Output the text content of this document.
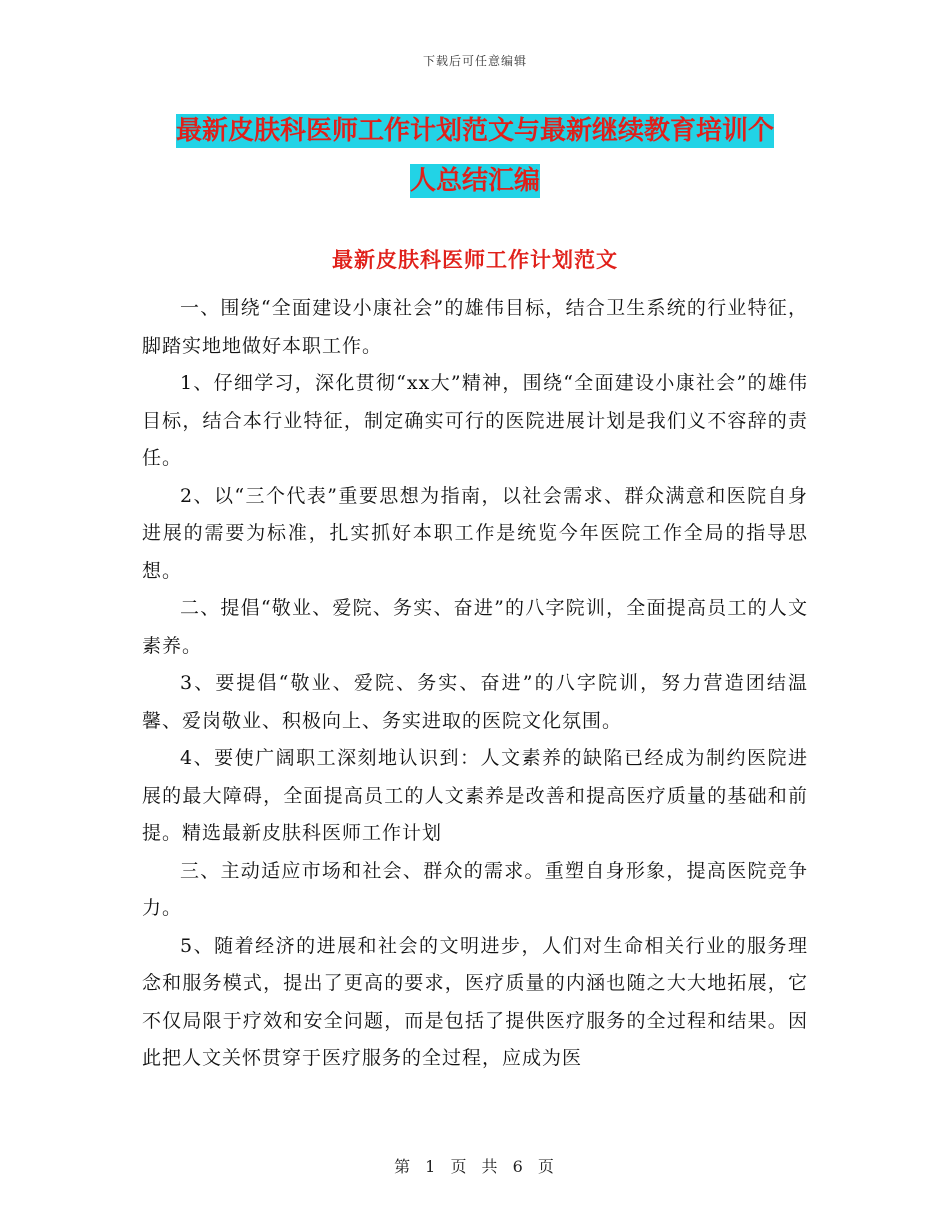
下载后可任意编辑
最新皮肤科医师工作计划范文与最新继续教育培训个
人总结汇编
最新皮肤科医师工作计划范文

一、围绕“全面建设小康社会”的雄伟目标，结合卫生系统的行业特征，脚踏实地地做好本职工作。

1、仔细学习，深化贯彻“xx大”精神，围绕“全面建设小康社会”的雄伟目标，结合本行业特征，制定确实可行的医院进展计划是我们义不容辞的责任。

2、以“三个代表”重要思想为指南，以社会需求、群众满意和医院自身进展的需要为标准，扎实抓好本职工作是统览今年医院工作全局的指导思想。

二、提倡“敬业、爱院、务实、奋进”的八字院训，全面提高员工的人文素养。

3、要提倡“敬业、爱院、务实、奋进”的八字院训，努力营造团结温馨、爱岗敬业、积极向上、务实进取的医院文化氛围。

4、要使广阔职工深刻地认识到：人文素养的缺陷已经成为制约医院进展的最大障碍，全面提高员工的人文素养是改善和提高医疗质量的基础和前提。精选最新皮肤科医师工作计划

三、主动适应市场和社会、群众的需求。重塑自身形象，提高医院竞争力。

5、随着经济的进展和社会的文明进步，人们对生命相关行业的服务理念和服务模式，提出了更高的要求，医疗质量的内涵也随之大大地拓展，它不仅局限于疗效和安全问题，而是包括了提供医疗服务的全过程和结果。因此把人文关怀贯穿于医疗服务的全过程，应成为医

第 1 页 共 6 页
